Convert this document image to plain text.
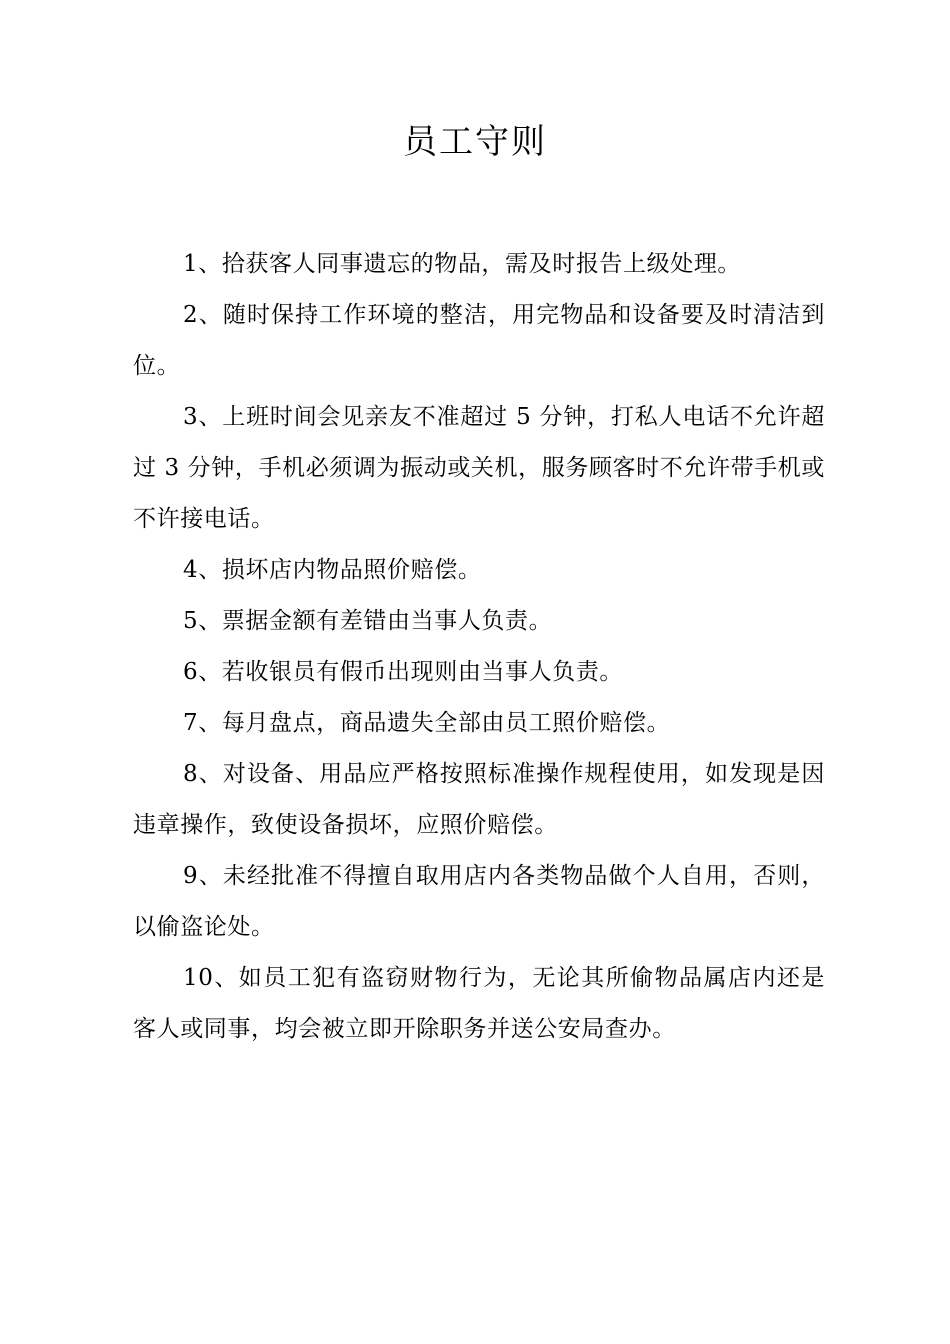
员工守则
1、拾获客人同事遗忘的物品，需及时报告上级处理。
2、随时保持工作环境的整洁，用完物品和设备要及时清洁到位。
3、上班时间会见亲友不准超过 5 分钟，打私人电话不允许超过 3 分钟，手机必须调为振动或关机，服务顾客时不允许带手机或不许接电话。
4、损坏店内物品照价赔偿。
5、票据金额有差错由当事人负责。
6、若收银员有假币出现则由当事人负责。
7、每月盘点，商品遗失全部由员工照价赔偿。
8、对设备、用品应严格按照标准操作规程使用，如发现是因违章操作，致使设备损坏，应照价赔偿。
9、未经批准不得擅自取用店内各类物品做个人自用，否则，以偷盗论处。
10、如员工犯有盗窃财物行为，无论其所偷物品属店内还是客人或同事，均会被立即开除职务并送公安局查办。
